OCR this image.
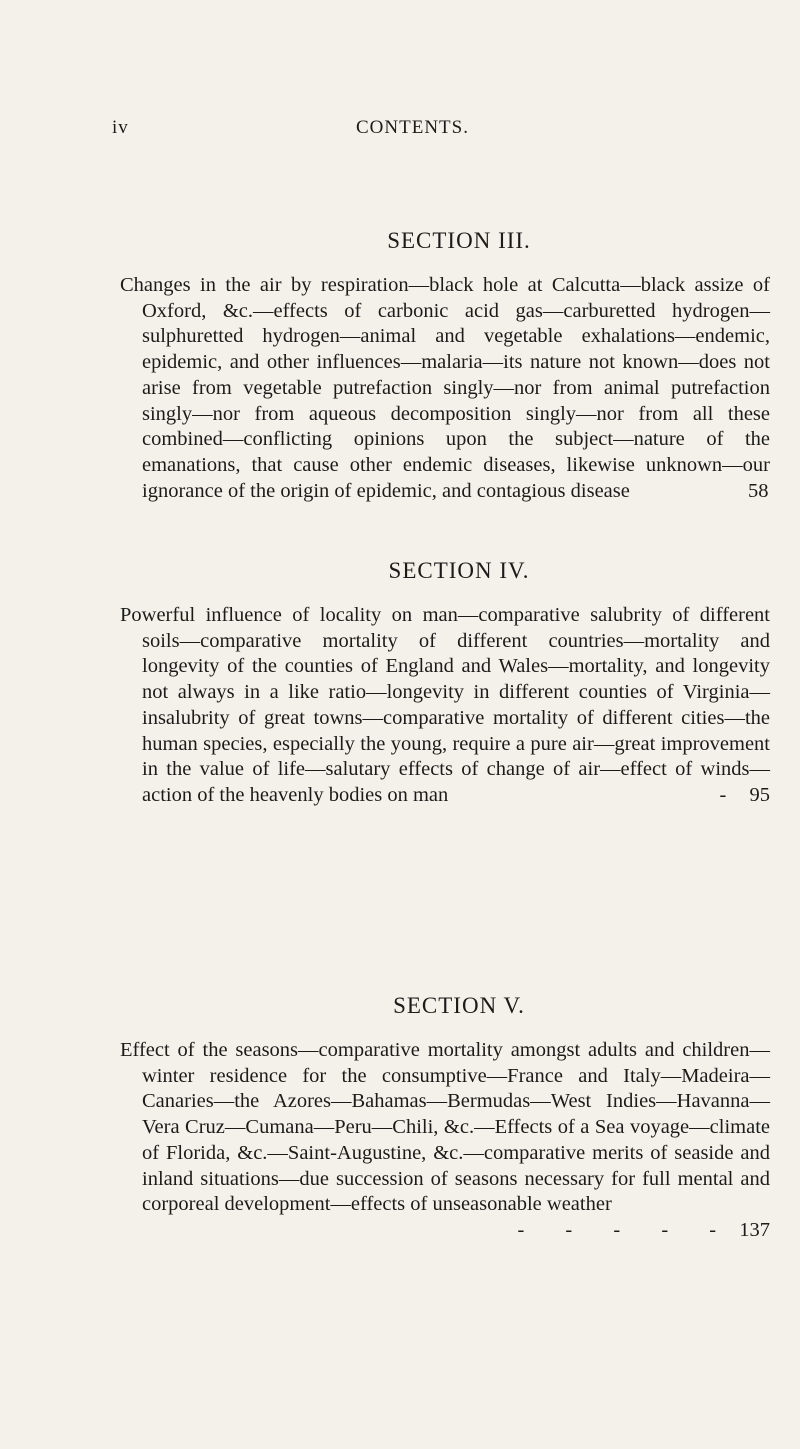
iv	CONTENTS.
SECTION III.

Changes in the air by respiration—black hole at Calcutta—black assize of Oxford, &c.—effects of carbonic acid gas—carburetted hydrogen—sulphuretted hydrogen—animal and vegetable exhalations—endemic, epidemic, and other influences—malaria—its nature not known—does not arise from vegetable putrefaction singly—nor from animal putrefaction singly—nor from aqueous decomposition singly—nor from all these combined—conflicting opinions upon the subject—nature of the emanations, that cause other endemic diseases, likewise unknown—our ignorance of the origin of epidemic, and contagious disease	58

SECTION IV.

Powerful influence of locality on man—comparative salubrity of different soils—comparative mortality of different countries—mortality and longevity of the counties of England and Wales—mortality, and longevity not always in a like ratio—longevity in different counties of Virginia—insalubrity of great towns—comparative mortality of different cities—the human species, especially the young, require a pure air—great improvement in the value of life—salutary effects of change of air—effect of winds—action of the heavenly bodies on man	- 95

SECTION V.

Effect of the seasons—comparative mortality amongst adults and children—winter residence for the consumptive—France and Italy—Madeira—Canaries—the Azores—Bahamas—Bermudas—West Indies—Havanna—Vera Cruz—Cumana—Peru—Chili, &c.—Effects of a Sea voyage—climate of Florida, &c.—Saint-Augustine, &c.—comparative merits of seaside and inland situations—due succession of seasons necessary for full mental and corporeal development—effects of unseasonable weather
- - - - - 137
